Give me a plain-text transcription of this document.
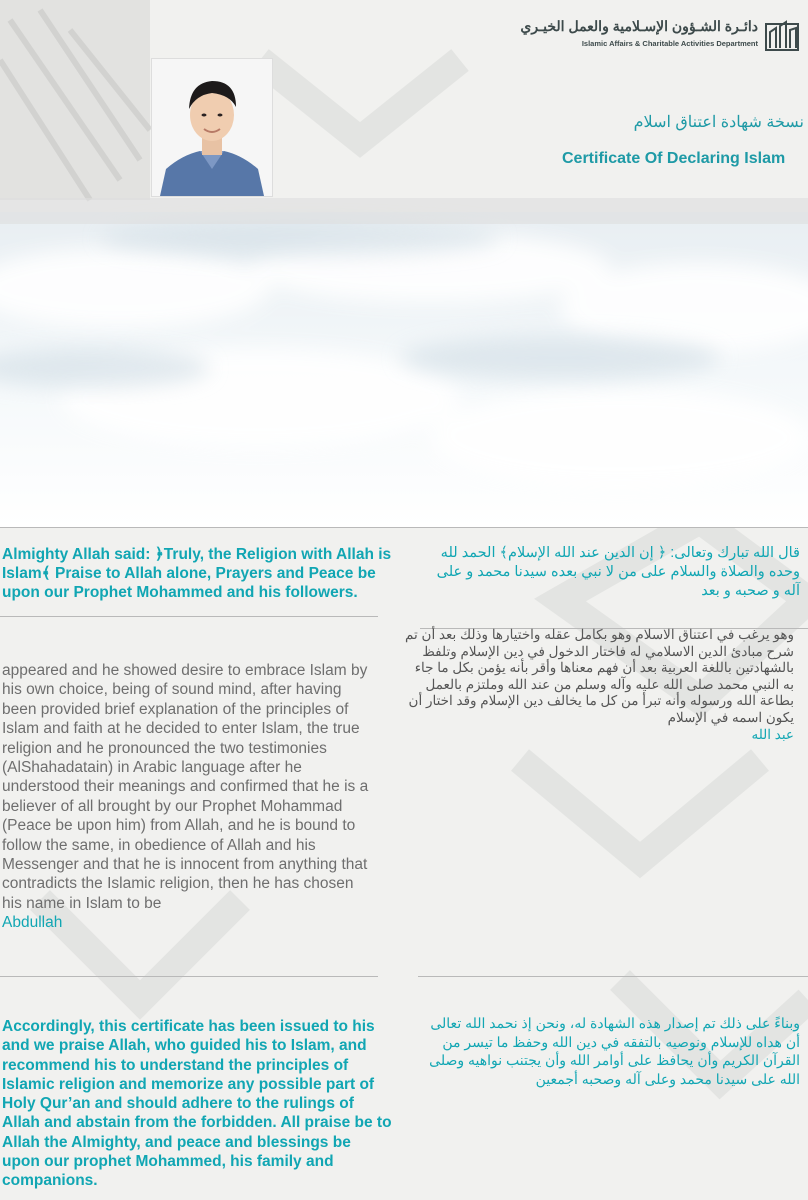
دائـرة الشـؤون الإسـلامية والعمل الخيـري
Islamic Affairs & Charitable Activities Department
نسخة شهادة اعتناق اسلام
Certificate Of Declaring Islam
Almighty Allah said: ﴿Truly, the Religion with Allah is Islam﴾ Praise to Allah alone, Prayers and Peace be upon our Prophet Mohammed and his followers.
قال الله تبارك وتعالى: ﴿ إن الدين عند الله الإسلام﴾ الحمد لله وحده والصلاة والسلام على من لا نبي بعده سيدنا محمد و على آله و صحبه و بعد
appeared and he showed desire to embrace Islam by his own choice, being of sound mind, after having been provided brief explanation of the principles of Islam and faith at he decided to enter Islam, the true religion and he pronounced the two testimonies (AlShahadatain) in Arabic language after he understood their meanings and confirmed that he is a believer of all brought by our Prophet Mohammad (Peace be upon him) from Allah, and he is bound to follow the same, in obedience of Allah and his Messenger and that he is innocent from anything that contradicts the Islamic religion, then he has chosen his name in Islam to be
Abdullah
وهو يرغب في اعتناق الاسلام وهو بكامل عقله واختيارها وذلك بعد أن تم شرح مبادئ الدين الاسلامي له فاختار الدخول في دين الإسلام وتلفظ بالشهادتين باللغة العربية بعد أن فهم معناها وأقر بأنه يؤمن بكل ما جاء به النبي محمد صلى الله عليه وآله وسلم من عند الله وملتزم بالعمل بطاعة الله ورسوله وأنه تبرأ من كل ما يخالف دين الإسلام وقد اختار أن يكون اسمه في الإسلام
عبد الله
Accordingly, this certificate has been issued to his and we praise Allah, who guided his to Islam, and recommend his to understand the principles of Islamic religion and memorize any possible part of Holy Qur’an and should adhere to the rulings of Allah and abstain from the forbidden. All praise be to Allah the Almighty, and peace and blessings be upon our prophet Mohammed, his family and companions.
وبناءً على ذلك تم إصدار هذه الشهادة له، ونحن إذ نحمد الله تعالى أن هداه للإسلام ونوصيه بالتفقه في دين الله وحفظ ما تيسر من القرآن الكريم وأن يحافظ على أوامر الله وأن يجتنب نواهيه وصلى الله على سيدنا محمد وعلى آله وصحبه أجمعين
